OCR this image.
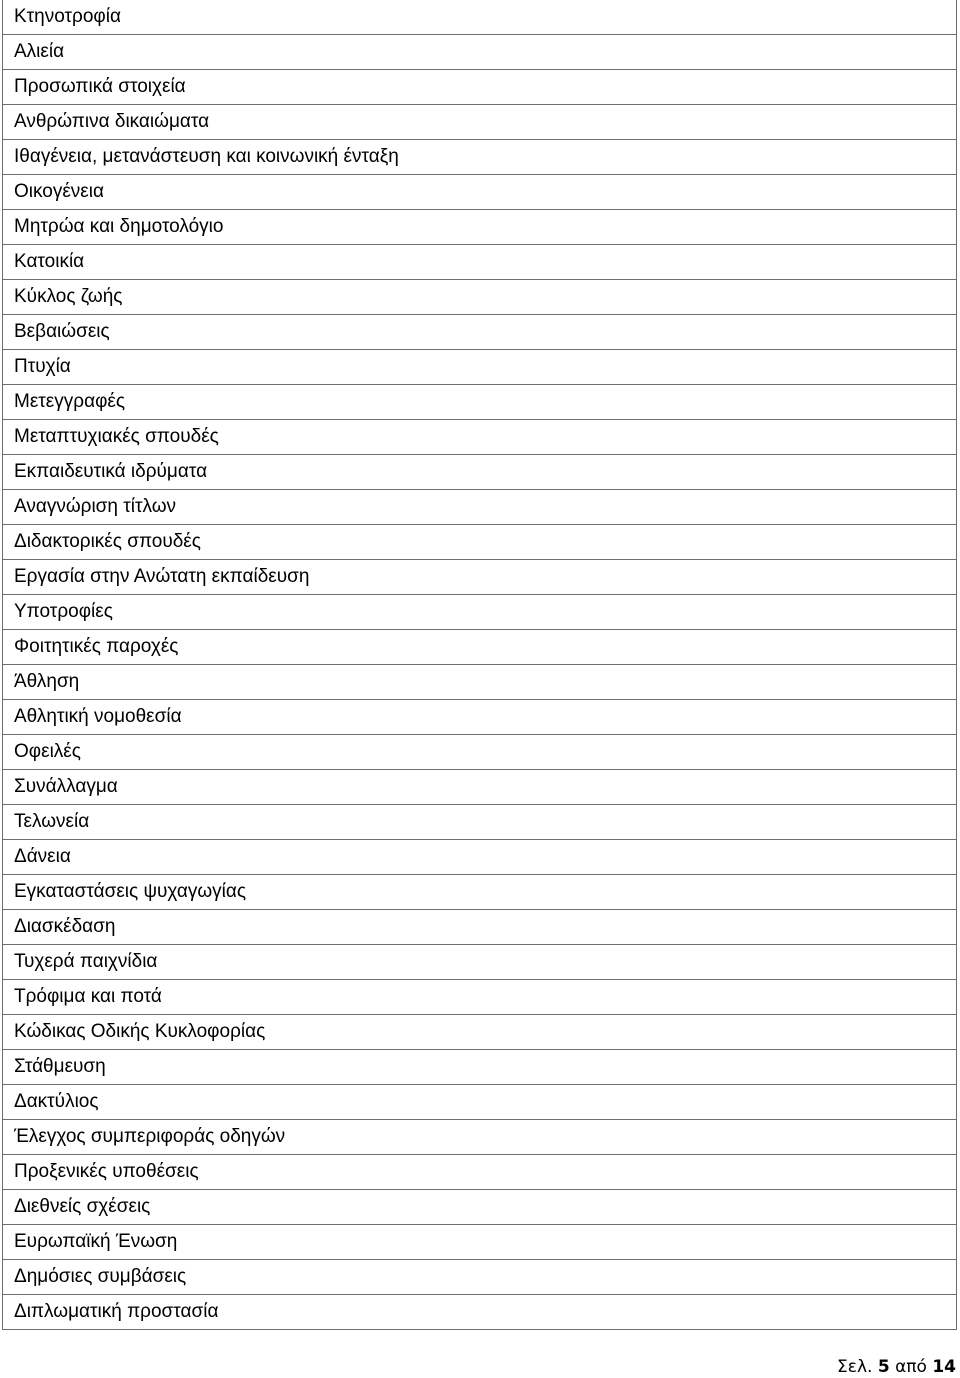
Κτηνοτροφία
Αλιεία
Προσωπικά στοιχεία
Ανθρώπινα δικαιώματα
Ιθαγένεια, μετανάστευση και κοινωνική ένταξη
Οικογένεια
Μητρώα και δημοτολόγιο
Κατοικία
Κύκλος ζωής
Βεβαιώσεις
Πτυχία
Μετεγγραφές
Μεταπτυχιακές σπουδές
Εκπαιδευτικά ιδρύματα
Αναγνώριση τίτλων
Διδακτορικές σπουδές
Εργασία στην Ανώτατη εκπαίδευση
Υποτροφίες
Φοιτητικές παροχές
Άθληση
Αθλητική νομοθεσία
Οφειλές
Συνάλλαγμα
Τελωνεία
Δάνεια
Εγκαταστάσεις ψυχαγωγίας
Διασκέδαση
Τυχερά παιχνίδια
Τρόφιμα και ποτά
Κώδικας Οδικής Κυκλοφορίας
Στάθμευση
Δακτύλιος
Έλεγχος συμπεριφοράς οδηγών
Προξενικές υποθέσεις
Διεθνείς σχέσεις
Ευρωπαϊκή Ένωση
Δημόσιες συμβάσεις
Διπλωματική προστασία
Σελ. 5 από 14
